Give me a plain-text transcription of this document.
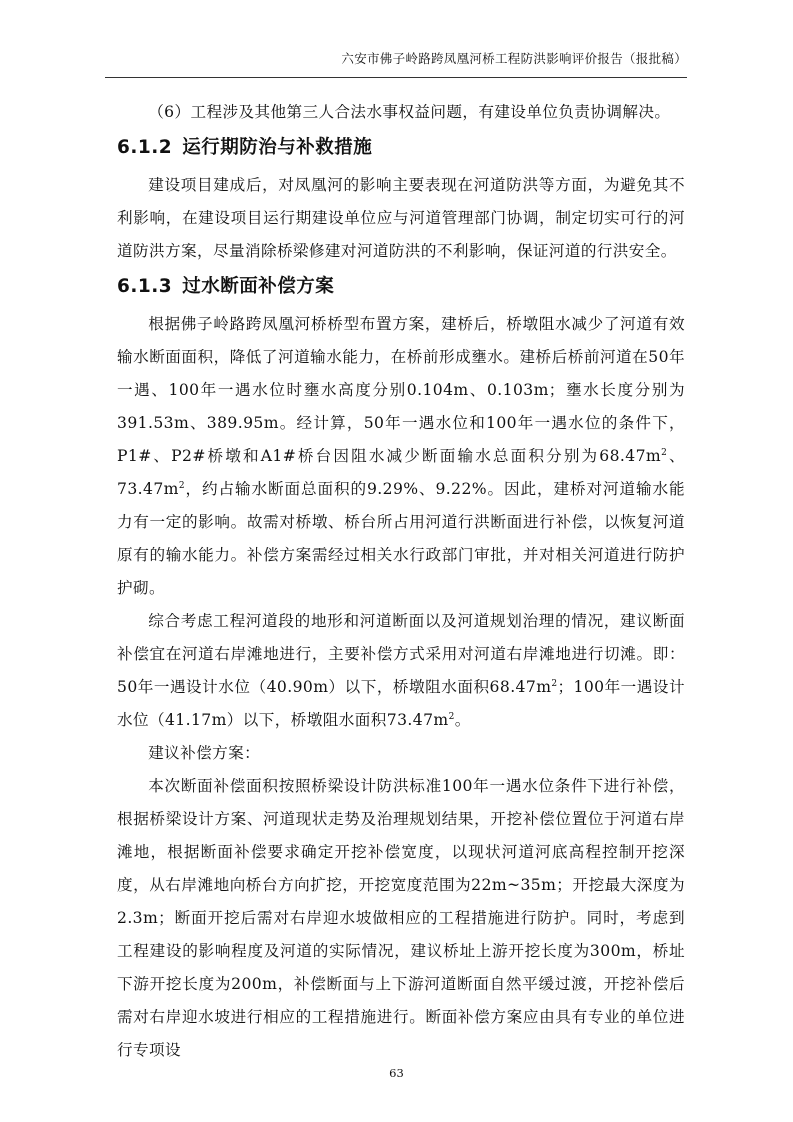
六安市佛子岭路跨凤凰河桥工程防洪影响评价报告（报批稿）

（6）工程涉及其他第三人合法水事权益问题，有建设单位负责协调解决。

6.1.2 运行期防治与补救措施

建设项目建成后，对凤凰河的影响主要表现在河道防洪等方面，为避免其不利影响，在建设项目运行期建设单位应与河道管理部门协调，制定切实可行的河道防洪方案，尽量消除桥梁修建对河道防洪的不利影响，保证河道的行洪安全。

6.1.3 过水断面补偿方案

根据佛子岭路跨凤凰河桥桥型布置方案，建桥后，桥墩阻水减少了河道有效输水断面面积，降低了河道输水能力，在桥前形成壅水。建桥后桥前河道在50年一遇、100年一遇水位时壅水高度分别0.104m、0.103m；壅水长度分别为391.53m、389.95m。经计算，50年一遇水位和100年一遇水位的条件下，P1#、P2#桥墩和A1#桥台因阻水减少断面输水总面积分别为$68.47m^2$、$73.47m^2$，约占输水断面总面积的9.29%、9.22%。因此，建桥对河道输水能力有一定的影响。故需对桥墩、桥台所占用河道行洪断面进行补偿，以恢复河道原有的输水能力。补偿方案需经过相关水行政部门审批，并对相关河道进行防护护砌。

综合考虑工程河道段的地形和河道断面以及河道规划治理的情况，建议断面补偿宜在河道右岸滩地进行，主要补偿方式采用对河道右岸滩地进行切滩。即：50年一遇设计水位（40.90m）以下，桥墩阻水面积$68.47m^2$；100年一遇设计水位（41.17m）以下，桥墩阻水面积$73.47m^2$。

建议补偿方案：

本次断面补偿面积按照桥梁设计防洪标准100年一遇水位条件下进行补偿，根据桥梁设计方案、河道现状走势及治理规划结果，开挖补偿位置位于河道右岸滩地，根据断面补偿要求确定开挖补偿宽度，以现状河道河底高程控制开挖深度，从右岸滩地向桥台方向扩挖，开挖宽度范围为22m~35m；开挖最大深度为2.3m；断面开挖后需对右岸迎水坡做相应的工程措施进行防护。同时，考虑到工程建设的影响程度及河道的实际情况，建议桥址上游开挖长度为300m，桥址下游开挖长度为200m，补偿断面与上下游河道断面自然平缓过渡，开挖补偿后需对右岸迎水坡进行相应的工程措施进行。断面补偿方案应由具有专业的单位进行专项设

63
